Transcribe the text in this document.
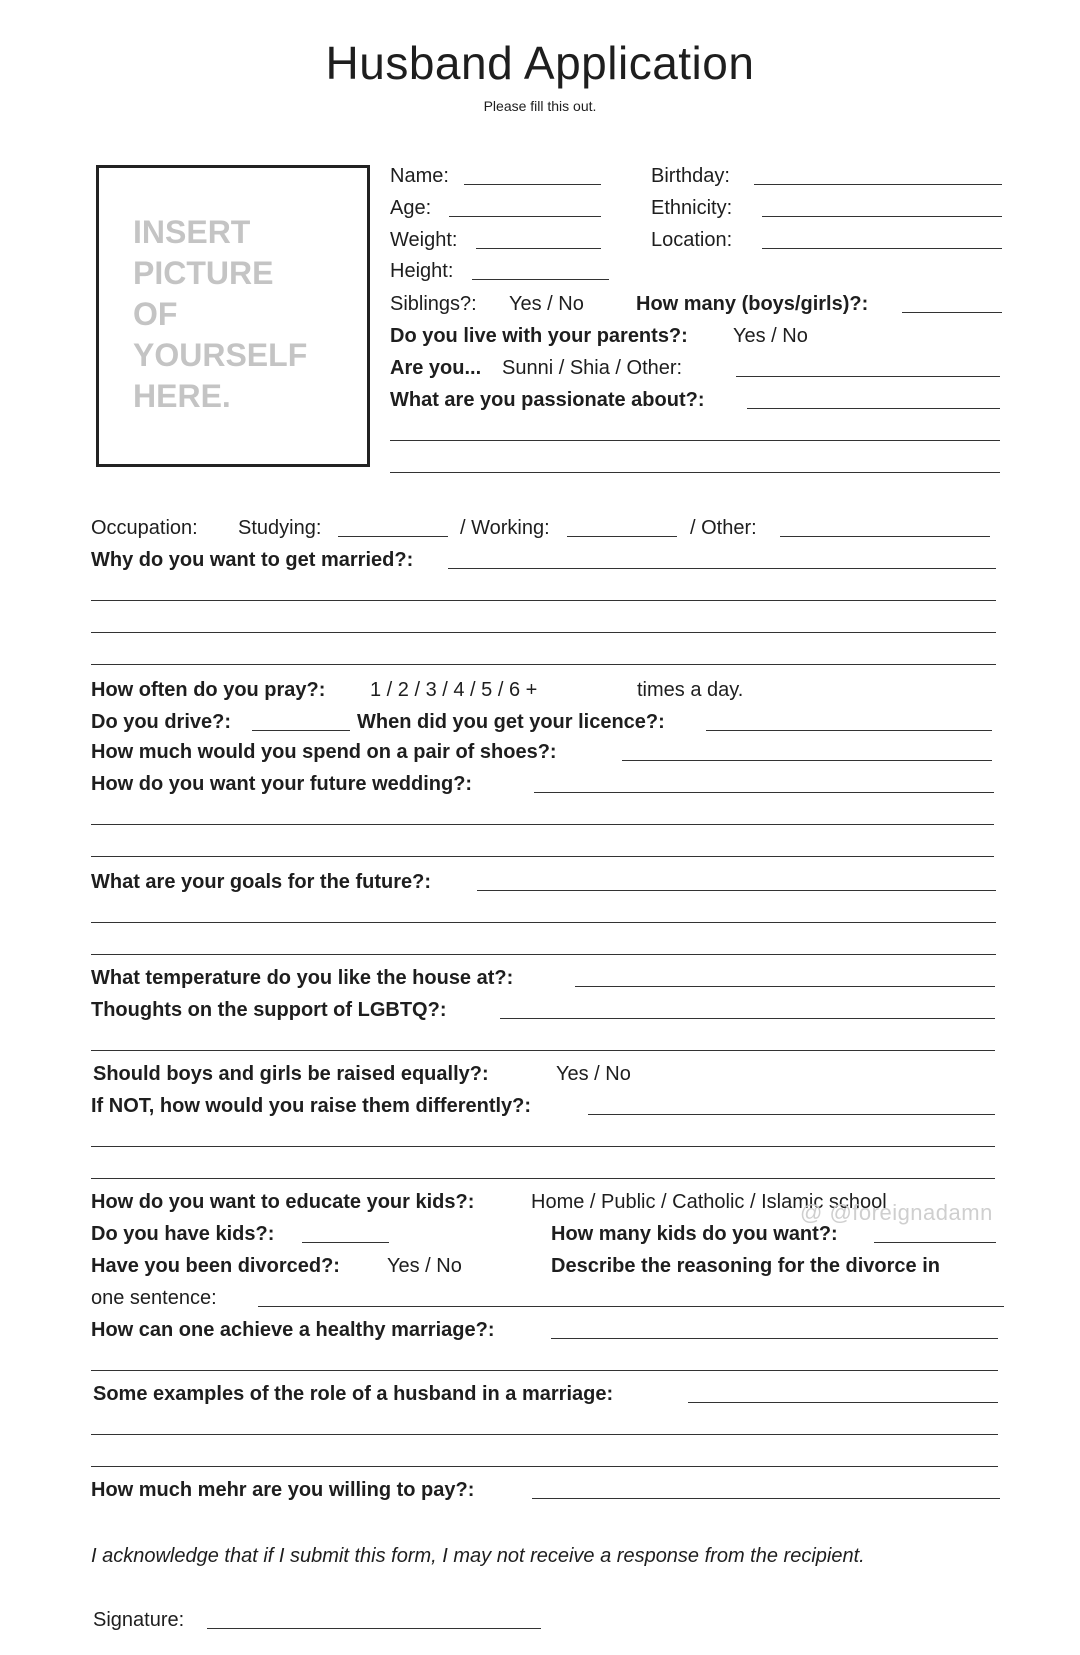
Husband Application
Please fill this out.
INSERT
PICTURE
OF
YOURSELF
HERE.
Name:	Birthday:
Age:	Ethnicity:
Weight:	Location:
Height:
Siblings?: Yes / No	How many (boys/girls)?:
Do you live with your parents?: Yes / No
Are you... Sunni / Shia / Other:
What are you passionate about?:
Occupation: Studying:	/ Working:	/ Other:
Why do you want to get married?:
How often do you pray?: 1 / 2 / 3 / 4 / 5 / 6 +	times a day.
Do you drive?:	When did you get your licence?:
How much would you spend on a pair of shoes?:
How do you want your future wedding?:
What are your goals for the future?:
What temperature do you like the house at?:
Thoughts on the support of LGBTQ?:
Should boys and girls be raised equally?:	Yes / No
If NOT, how would you raise them differently?:
How do you want to educate your kids?:	Home / Public / Catholic / Islamic school
@ @foreignadamn
Do you have kids?:	How many kids do you want?:
Have you been divorced?: Yes / No	Describe the reasoning for the divorce in
one sentence:
How can one achieve a healthy marriage?:
Some examples of the role of a husband in a marriage:
How much mehr are you willing to pay?:
I acknowledge that if I submit this form, I may not receive a response from the recipient.
Signature:
